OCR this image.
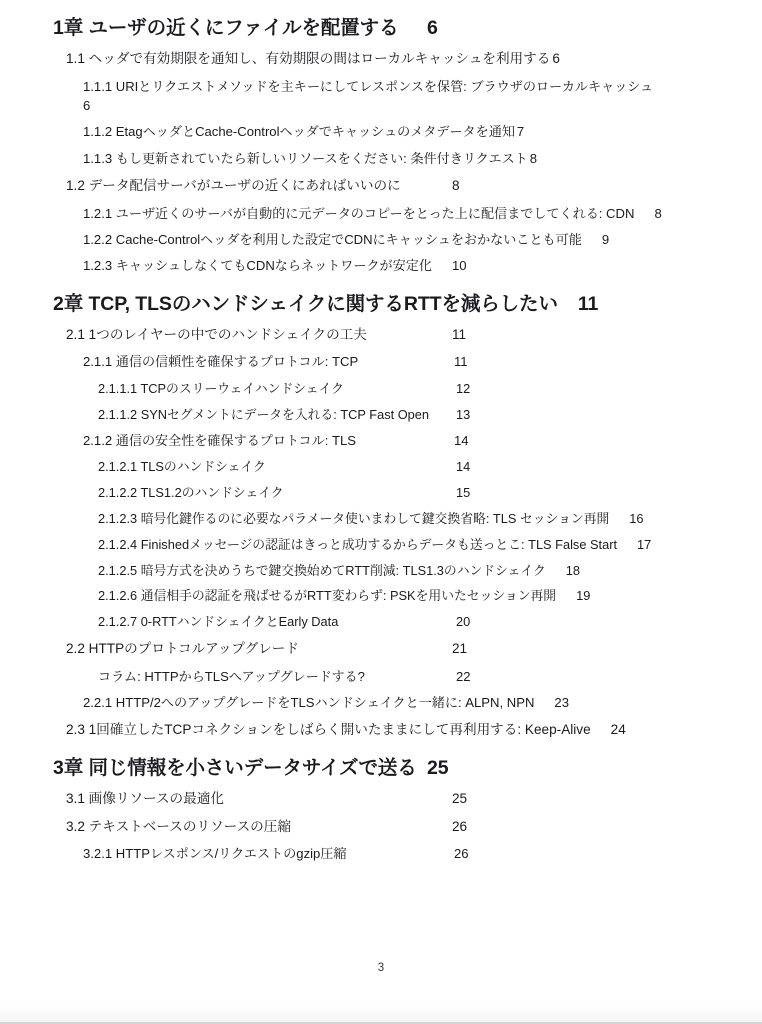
1章 ユーザの近くにファイルを配置する	6
1.1 ヘッダで有効期限を通知し、有効期限の間はローカルキャッシュを利用する 6
1.1.1 URIとリクエストメソッドを主キーにしてレスポンスを保管: ブラウザのローカルキャッシュ
6
1.1.2 EtagヘッダとCache-Controlヘッダでキャッシュのメタデータを通知 7
1.1.3 もし更新されていたら新しいリソースをください: 条件付きリクエスト 8
1.2 データ配信サーバがユーザの近くにあればいいのに	8
1.2.1 ユーザ近くのサーバが自動的に元データのコピーをとった上に配信までしてくれる: CDN	8
1.2.2 Cache-Controlヘッダを利用した設定でCDNにキャッシュをおかないことも可能	9
1.2.3 キャッシュしなくてもCDNならネットワークが安定化	10
2章 TCP, TLSのハンドシェイクに関するRTTを減らしたい	11
2.1 1つのレイヤーの中でのハンドシェイクの工夫	11
2.1.1 通信の信頼性を確保するプロトコル: TCP	11
2.1.1.1 TCPのスリーウェイハンドシェイク	12
2.1.1.2 SYNセグメントにデータを入れる: TCP Fast Open	13
2.1.2 通信の安全性を確保するプロトコル: TLS	14
2.1.2.1 TLSのハンドシェイク	14
2.1.2.2 TLS1.2のハンドシェイク	15
2.1.2.3 暗号化鍵作るのに必要なパラメータ使いまわして鍵交換省略: TLS セッション再開	16
2.1.2.4 Finishedメッセージの認証はきっと成功するからデータも送っとこ: TLS False Start	17
2.1.2.5 暗号方式を決めうちで鍵交換始めてRTT削減: TLS1.3のハンドシェイク	18
2.1.2.6 通信相手の認証を飛ばせるがRTT変わらず: PSKを用いたセッション再開	19
2.1.2.7 0-RTTハンドシェイクとEarly Data	20
2.2 HTTPのプロトコルアップグレード	21
コラム: HTTPからTLSへアップグレードする?	22
2.2.1 HTTP/2へのアップグレードをTLSハンドシェイクと一緒に: ALPN, NPN	23
2.3 1回確立したTCPコネクションをしばらく開いたままにして再利用する: Keep-Alive	24
3章 同じ情報を小さいデータサイズで送る 25
3.1 画像リソースの最適化	25
3.2 テキストベースのリソースの圧縮	26
3.2.1 HTTPレスポンス/リクエストのgzip圧縮	26
3
